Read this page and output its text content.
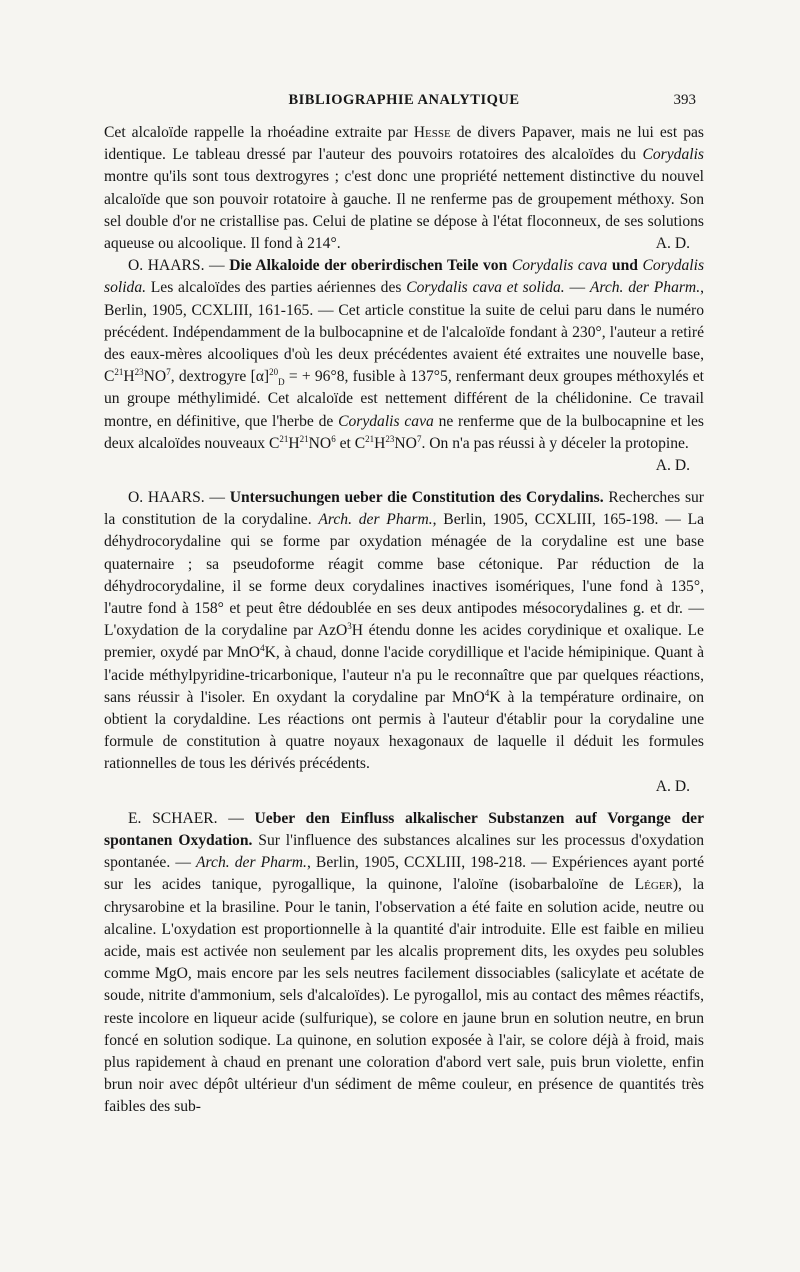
BIBLIOGRAPHIE ANALYTIQUE	393

Cet alcaloïde rappelle la rhoéadine extraite par Hesse de divers Papaver, mais ne lui est pas identique. Le tableau dressé par l'auteur des pouvoirs rotatoires des alcaloïdes du Corydalis montre qu'ils sont tous dextrogyres ; c'est donc une propriété nettement distinctive du nouvel alcaloïde que son pouvoir rotatoire à gauche. Il ne renferme pas de groupement méthoxy. Son sel double d'or ne cristallise pas. Celui de platine se dépose à l'état floconneux, de ses solutions aqueuse ou alcoolique. Il fond à 214°.	A. D.

O. HAARS. — Die Alkaloide der oberirdischen Teile von Corydalis cava und Corydalis solida. Les alcaloïdes des parties aériennes des Corydalis cava et solida. — Arch. der Pharm., Berlin, 1905, CCXLIII, 161-165. — Cet article constitue la suite de celui paru dans le numéro précédent. Indépendamment de la bulbocapnine et de l'alcaloïde fondant à 230°, l'auteur a retiré des eaux-mères alcooliques d'où les deux précédentes avaient été extraites une nouvelle base, $C^{21}H^{23}NO^7$, dextrogyre $[\alpha]^{20}_D$ = + 96°8, fusible à 137°5, renfermant deux groupes méthoxylés et un groupe méthylimidé. Cet alcaloïde est nettement différent de la chélidonine. Ce travail montre, en définitive, que l'herbe de Corydalis cava ne renferme que de la bulbocapnine et les deux alcaloïdes nouveaux $C^{21}H^{21}NO^6$ et $C^{21}H^{23}NO^7$. On n'a pas réussi à y déceler la protopine.

A. D.

O. HAARS. — Untersuchungen ueber die Constitution des Corydalins. Recherches sur la constitution de la corydaline. Arch. der Pharm., Berlin, 1905, CCXLIII, 165-198. — La déhydrocorydaline qui se forme par oxydation ménagée de la corydaline est une base quaternaire ; sa pseudoforme réagit comme base cétonique. Par réduction de la déhydrocorydaline, il se forme deux corydalines inactives isomériques, l'une fond à 135°, l'autre fond à 158° et peut être dédoublée en ses deux antipodes mésocorydalines g. et dr. — L'oxydation de la corydaline par AzO$^3$H étendu donne les acides corydinique et oxalique. Le premier, oxydé par MnO$^4$K, à chaud, donne l'acide corydillique et l'acide hémipinique. Quant à l'acide méthylpyridine-tricarbonique, l'auteur n'a pu le reconnaître que par quelques réactions, sans réussir à l'isoler. En oxydant la corydaline par MnO$^4$K à la température ordinaire, on obtient la corydaldine. Les réactions ont permis à l'auteur d'établir pour la corydaline une formule de constitution à quatre noyaux hexagonaux de laquelle il déduit les formules rationnelles de tous les dérivés précédents.

A. D.

E. SCHAER. — Ueber den Einfluss alkalischer Substanzen auf Vorgange der spontanen Oxydation. Sur l'influence des substances alcalines sur les processus d'oxydation spontanée. — Arch. der Pharm., Berlin, 1905, CCXLIII, 198-218. — Expériences ayant porté sur les acides tanique, pyrogallique, la quinone, l'aloïne (isobarbaloïne de Léger), la chrysarobine et la brasiline. Pour le tanin, l'observation a été faite en solution acide, neutre ou alcaline. L'oxydation est proportionnelle à la quantité d'air introduite. Elle est faible en milieu acide, mais est activée non seulement par les alcalis proprement dits, les oxydes peu solubles comme MgO, mais encore par les sels neutres facilement dissociables (salicylate et acétate de soude, nitrite d'ammonium, sels d'alcaloïdes). Le pyrogallol, mis au contact des mêmes réactifs, reste incolore en liqueur acide (sulfurique), se colore en jaune brun en solution neutre, en brun foncé en solution sodique. La quinone, en solution exposée à l'air, se colore déjà à froid, mais plus rapidement à chaud en prenant une coloration d'abord vert sale, puis brun violette, enfin brun noir avec dépôt ultérieur d'un sédiment de même couleur, en présence de quantités très faibles des sub-
